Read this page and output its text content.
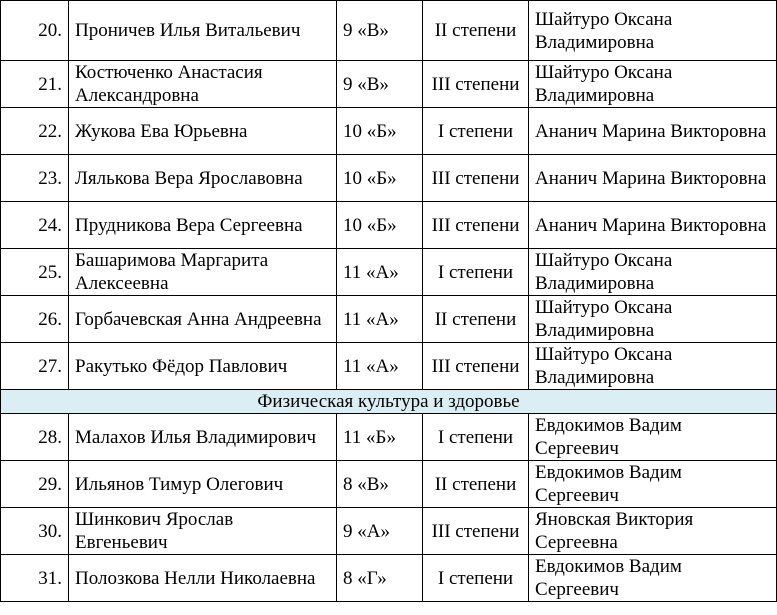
20.	Проничев Илья Витальевич	9 «В»	II степени	Шайтуро Оксана Владимировна
21.	Костюченко Анастасия Александровна	9 «В»	III степени	Шайтуро Оксана Владимировна
22.	Жукова Ева Юрьевна	10 «Б»	I степени	Ананич Марина Викторовна
23.	Лялькова Вера Ярославовна	10 «Б»	III степени	Ананич Марина Викторовна
24.	Прудникова Вера Сергеевна	10 «Б»	III степени	Ананич Марина Викторовна
25.	Башаримова Маргарита Алексеевна	11 «А»	I степени	Шайтуро Оксана Владимировна
26.	Горбачевская Анна Андреевна	11 «А»	II степени	Шайтуро Оксана Владимировна
27.	Ракутько Фёдор Павлович	11 «А»	III степени	Шайтуро Оксана Владимировна
Физическая культура и здоровье				
28.	Малахов Илья Владимирович	11 «Б»	I степени	Евдокимов Вадим Сергеевич
29.	Ильянов Тимур Олегович	8 «В»	II степени	Евдокимов Вадим Сергеевич
30.	Шинкович Ярослав Евгеньевич	9 «А»	III степени	Яновская Виктория Сергеевна
31.	Полозкова Нелли Николаевна	8 «Г»	I степени	Евдокимов Вадим Сергеевич
